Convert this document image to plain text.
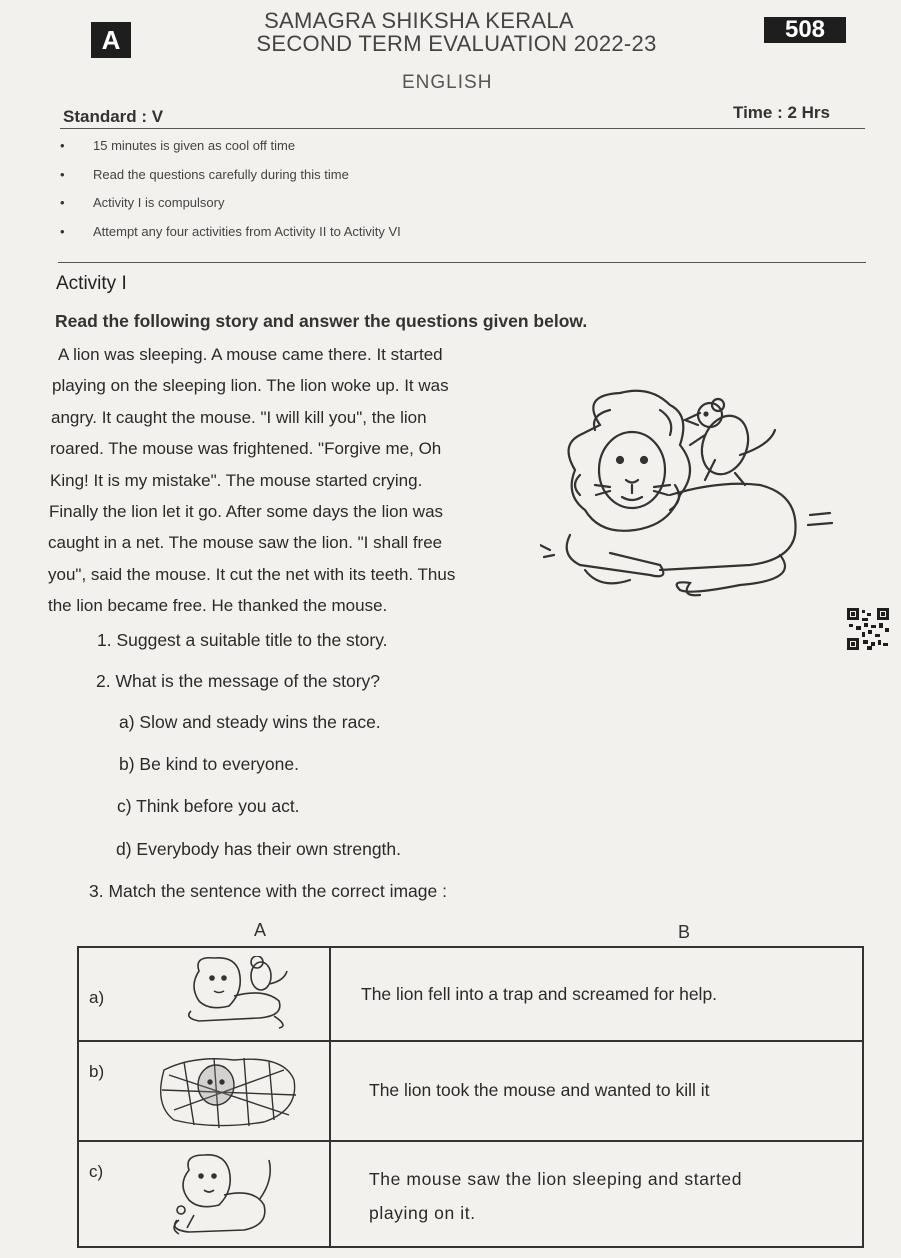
A
SAMAGRA SHIKSHA KERALA
SECOND TERM EVALUATION 2022-23
508
ENGLISH
Standard : V	Time : 2 Hrs
•	15 minutes is given as cool off time
•	Read the questions carefully during this time
•	Activity I is compulsory
•	Attempt any four activities from Activity II to Activity VI
Activity I
Read the following story and answer the questions given below.

A lion was sleeping. A mouse came there. It started

playing on the sleeping lion. The lion woke up. It was

angry. It caught the mouse. "I will kill you", the lion

roared. The mouse was frightened. "Forgive me, Oh

King! It is my mistake". The mouse started crying.

Finally the lion let it go. After some days the lion was

caught in a net. The mouse saw the lion. "I shall free

you", said the mouse. It cut the net with its teeth. Thus

the lion became free. He thanked the mouse.

1. Suggest a suitable title to the story.
2. What is the message of the story?
a) Slow and steady wins the race.
b) Be kind to everyone.
c) Think before you act.
d) Everybody has their own strength.
3. Match the sentence with the correct image :
A	B
a)	The lion fell into a trap and screamed for help.

b)	The lion took the mouse and wanted to kill it

c)	The mouse saw the lion sleeping and started playing on it.
